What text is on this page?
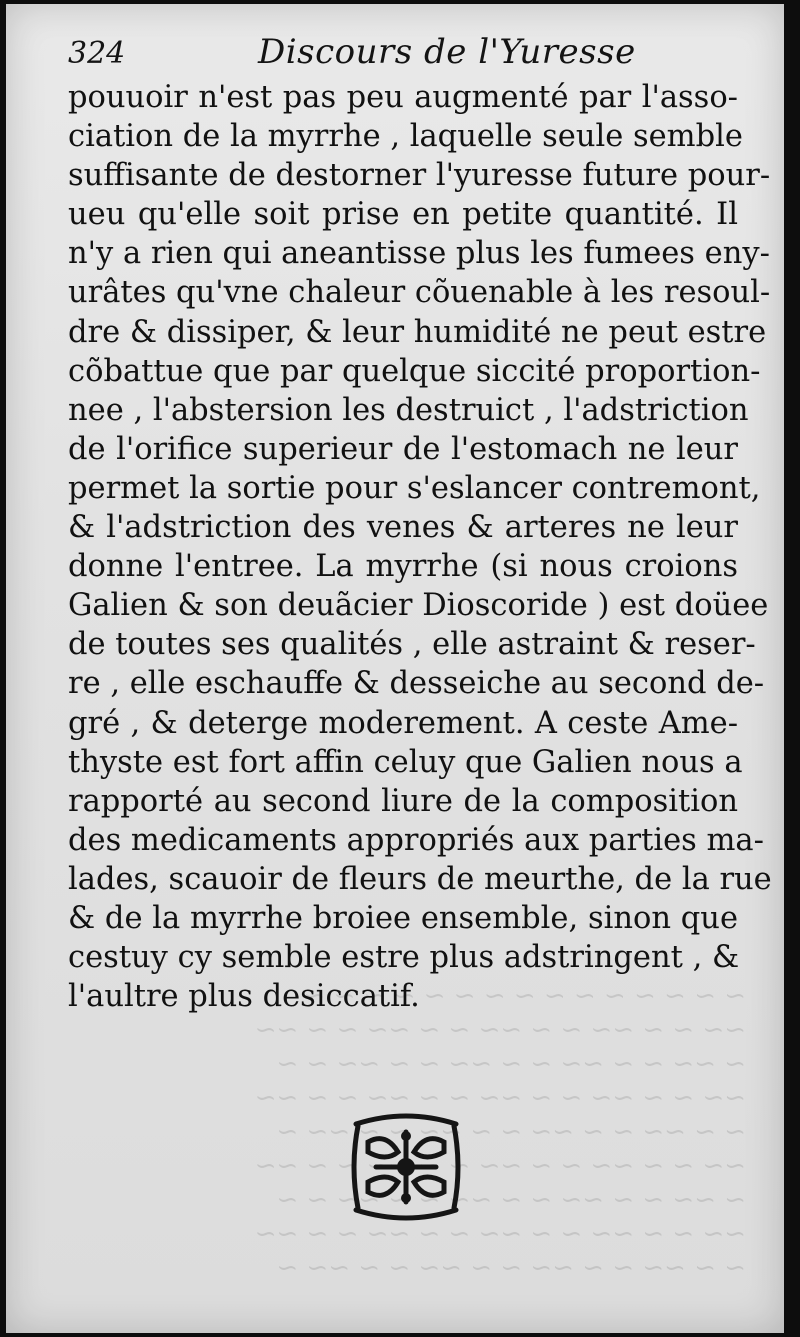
~ ~ ~ ~ ~ ~ ~ ~ ~ ~ ~ ~ ~ ~ ~
~~ ~ ~ ~~ ~ ~ ~~ ~ ~ ~~ ~ ~ ~~
~ ~~ ~ ~ ~~ ~ ~ ~~ ~ ~ ~~ ~ ~
~~ ~ ~ ~~ ~ ~ ~~ ~ ~ ~~ ~ ~ ~~
~ ~ ~~ ~ ~ ~~ ~ ~ ~~ ~ ~ ~~ ~
~~ ~ ~ ~~ ~ ~ ~~ ~ ~ ~~ ~ ~ ~~
~ ~~ ~ ~ ~~ ~ ~ ~~ ~ ~ ~~ ~ ~
~~ ~ ~ ~~ ~ ~ ~~ ~ ~ ~~ ~ ~ ~~
~ ~ ~~ ~ ~ ~~ ~ ~ ~~ ~ ~ ~~ ~
324	Discours de l'Yuresse
pouuoir n'est pas peu augmenté par l'asso-
ciation de la myrrhe , laquelle seule semble
suffisante de destorner l'yuresse future pour-
ueu qu'elle soit prise en petite quantité. Il
n'y a rien qui aneantisse plus les fumees eny-
urâtes qu'vne chaleur cõuenable à les resoul-
dre & dissiper, & leur humidité ne peut estre
cõbattue que par quelque siccité proportion-
nee , l'abstersion les destruict , l'adstriction
de l'orifice superieur de l'estomach ne leur
permet la sortie pour s'eslancer contremont,
& l'adstriction des venes & arteres ne leur
donne l'entree. La myrrhe (si nous croions
Galien & son deuãcier Dioscoride ) est doüee
de toutes ses qualités , elle astraint & reser-
re , elle eschauffe & desseiche au second de-
gré , & deterge moderement. A ceste Ame-
thyste est fort affin celuy que Galien nous a
rapporté au second liure de la composition
des medicaments appropriés aux parties ma-
lades, scauoir de fleurs de meurthe, de la rue
& de la myrrhe broiee ensemble, sinon que
cestuy cy semble estre plus adstringent , &
l'aultre plus desiccatif.
